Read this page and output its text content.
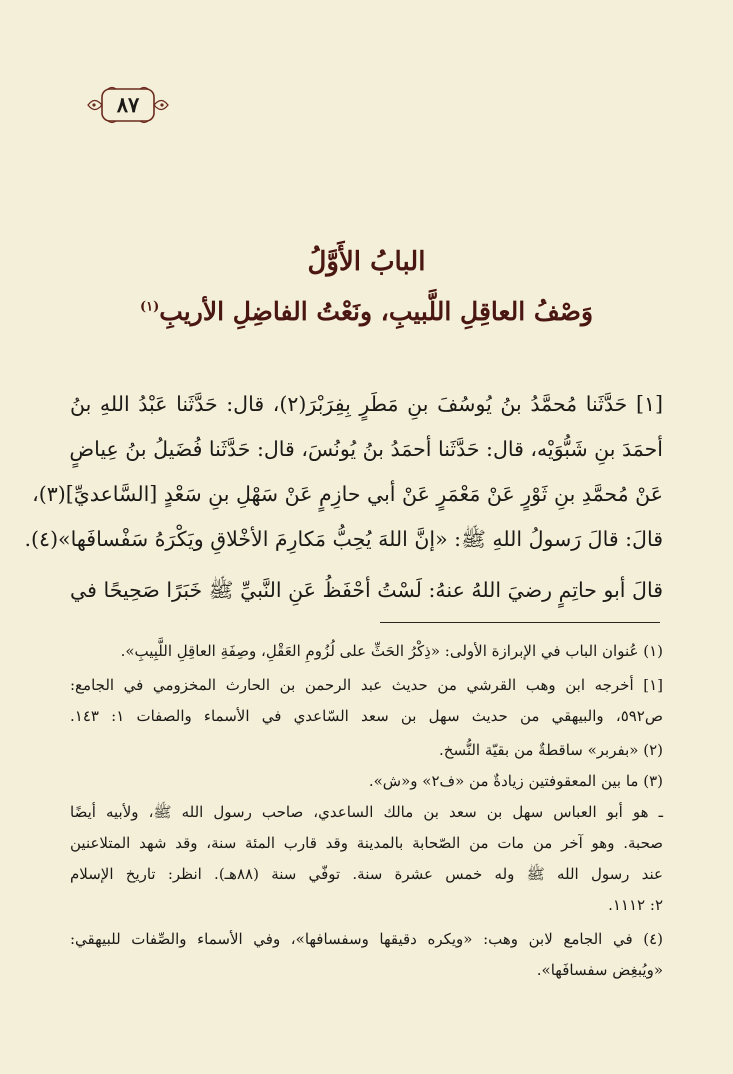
٨٧
البابُ الأَوَّلُ
وَصْفُ العاقِلِ اللَّبيبِ، ونَعْتُ الفاضِلِ الأريبِ$^{(١)}$
[١] حَدَّثَنا مُحمَّدُ بنُ يُوسُفَ بنِ مَطَرٍ بِفِرَبْرَ(٢)، قال: حَدَّثَنا عَبْدُ اللهِ بنُ
أحمَدَ بنِ شَبُّوَيْه، قال: حَدَّثَنا أحمَدُ بنُ يُونُسَ، قال: حَدَّثَنا فُضَيلُ بنُ عِياضٍ
عَنْ مُحمَّدِ بنِ ثَوْرٍ عَنْ مَعْمَرٍ عَنْ أبي حازِمٍ عَنْ سَهْلِ بنِ سَعْدٍ [السَّاعديِّ](٣)،
قالَ: قالَ رَسولُ اللهِ ﷺ: «إنَّ اللهَ يُحِبُّ مَكارِمَ الأخْلاقِ ويَكْرَهُ سَفْسافَها»(٤).
قالَ أبو حاتِمٍ رضيَ اللهُ عنهُ: لَسْتُ أحْفَظُ عَنِ النَّبيِّ ﷺ خَبَرًا صَحِيحًا في
(١) عُنوان الباب في الإبرازة الأولى: «ذِكْرُ الحَثِّ على لُزُومِ العَقْلِ، وصِفَةِ العاقِلِ اللَّبِيبِ».
[١] أخرجه ابن وهب القرشي من حديث عبد الرحمن بن الحارث المخزومي في الجامع:
ص٥٩٢، والبيهقي من حديث سهل بن سعد السّاعدي في الأسماء والصفات ١: ١٤٣.
(٢) «بفربر» ساقطةٌ من بقيّة النُّسخ.
(٣) ما بين المعقوفتين زيادةٌ من «ف٢» و«ش».
ـ هو أبو العباس سهل بن سعد بن مالك الساعدي، صاحب رسول الله ﷺ، ولأبيه أيضًا
صحبة. وهو آخر من مات من الصّحابة بالمدينة وقد قارب المئة سنة، وقد شهد المتلاعنين
عند رسول الله ﷺ وله خمس عشرة سنة. توفّي سنة (٨٨هـ). انظر: تاريخ الإسلام
٢: ١١١٢.
(٤) في الجامع لابن وهب: «ويكره دقيقها وسفسافها»، وفي الأسماء والصِّفات للبيهقي:
«ويُبغِض سفسافَها».
